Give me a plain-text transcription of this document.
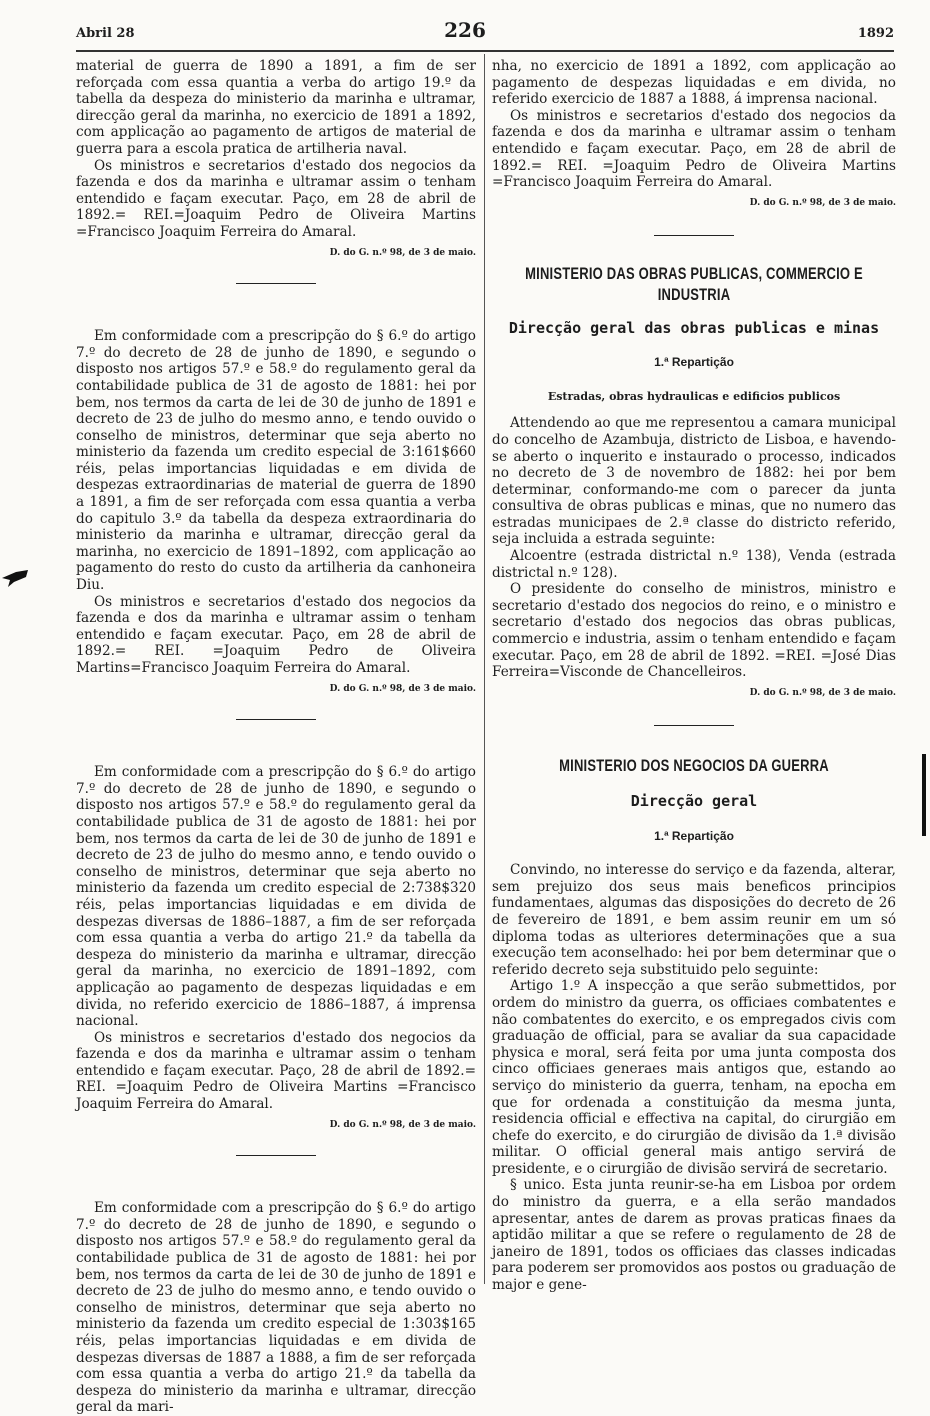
Abril 28	226	1892

material de guerra de 1890 a 1891, a fim de ser reforçada com essa quantia a verba do artigo 19.º da tabella da despeza do ministerio da marinha e ultramar, direcção geral da marinha, no exercicio de 1891 a 1892, com applicação ao pagamento de artigos de material de guerra para a escola pratica de artilheria naval.

Os ministros e secretarios d'estado dos negocios da fazenda e dos da marinha e ultramar assim o tenham entendido e façam executar. Paço, em 28 de abril de 1892.= REI.=Joaquim Pedro de Oliveira Martins =Francisco Joaquim Ferreira do Amaral.

D. do G. n.º 98, de 3 de maio.

Em conformidade com a prescripção do § 6.º do artigo 7.º do decreto de 28 de junho de 1890, e segundo o disposto nos artigos 57.º e 58.º do regulamento geral da contabilidade publica de 31 de agosto de 1881: hei por bem, nos termos da carta de lei de 30 de junho de 1891 e decreto de 23 de julho do mesmo anno, e tendo ouvido o conselho de ministros, determinar que seja aberto no ministerio da fazenda um credito especial de 3:161$660 réis, pelas importancias liquidadas e em divida de despezas extraordinarias de material de guerra de 1890 a 1891, a fim de ser reforçada com essa quantia a verba do capitulo 3.º da tabella da despeza extraordinaria do ministerio da marinha e ultramar, direcção geral da marinha, no exercicio de 1891–1892, com applicação ao pagamento do resto do custo da artilheria da canhoneira Diu.

Os ministros e secretarios d'estado dos negocios da fazenda e dos da marinha e ultramar assim o tenham entendido e façam executar. Paço, em 28 de abril de 1892.= REI. =Joaquim Pedro de Oliveira Martins=Francisco Joaquim Ferreira do Amaral.

D. do G. n.º 98, de 3 de maio.

Em conformidade com a prescripção do § 6.º do artigo 7.º do decreto de 28 de junho de 1890, e segundo o disposto nos artigos 57.º e 58.º do regulamento geral da contabilidade publica de 31 de agosto de 1881: hei por bem, nos termos da carta de lei de 30 de junho de 1891 e decreto de 23 de julho do mesmo anno, e tendo ouvido o conselho de ministros, determinar que seja aberto no ministerio da fazenda um credito especial de 2:738$320 réis, pelas importancias liquidadas e em divida de despezas diversas de 1886–1887, a fim de ser reforçada com essa quantia a verba do artigo 21.º da tabella da despeza do ministerio da marinha e ultramar, direcção geral da marinha, no exercicio de 1891–1892, com applicação ao pagamento de despezas liquidadas e em divida, no referido exercicio de 1886–1887, á imprensa nacional.

Os ministros e secretarios d'estado dos negocios da fazenda e dos da marinha e ultramar assim o tenham entendido e façam executar. Paço, 28 de abril de 1892.= REI. =Joaquim Pedro de Oliveira Martins =Francisco Joaquim Ferreira do Amaral.

D. do G. n.º 98, de 3 de maio.

Em conformidade com a prescripção do § 6.º do artigo 7.º do decreto de 28 de junho de 1890, e segundo o disposto nos artigos 57.º e 58.º do regulamento geral da contabilidade publica de 31 de agosto de 1881: hei por bem, nos termos da carta de lei de 30 de junho de 1891 e decreto de 23 de julho do mesmo anno, e tendo ouvido o conselho de ministros, determinar que seja aberto no ministerio da fazenda um credito especial de 1:303$165 réis, pelas importancias liquidadas e em divida de despezas diversas de 1887 a 1888, a fim de ser reforçada com essa quantia a verba do artigo 21.º da tabella da despeza do ministerio da marinha e ultramar, direcção geral da mari-

nha, no exercicio de 1891 a 1892, com applicação ao pagamento de despezas liquidadas e em divida, no referido exercicio de 1887 a 1888, á imprensa nacional.

Os ministros e secretarios d'estado dos negocios da fazenda e dos da marinha e ultramar assim o tenham entendido e façam executar. Paço, em 28 de abril de 1892.= REI. =Joaquim Pedro de Oliveira Martins =Francisco Joaquim Ferreira do Amaral.

D. do G. n.º 98, de 3 de maio.
MINISTERIO DAS OBRAS PUBLICAS, COMMERCIO E INDUSTRIA
Direcção geral das obras publicas e minas
1.ª Repartição
Estradas, obras hydraulicas e edificios publicos

Attendendo ao que me representou a camara municipal do concelho de Azambuja, districto de Lisboa, e havendo-se aberto o inquerito e instaurado o processo, indicados no decreto de 3 de novembro de 1882: hei por bem determinar, conformando-me com o parecer da junta consultiva de obras publicas e minas, que no numero das estradas municipaes de 2.ª classe do districto referido, seja incluida a estrada seguinte:

Alcoentre (estrada districtal n.º 138), Venda (estrada districtal n.º 128).

O presidente do conselho de ministros, ministro e secretario d'estado dos negocios do reino, e o ministro e secretario d'estado dos negocios das obras publicas, commercio e industria, assim o tenham entendido e façam executar. Paço, em 28 de abril de 1892. =REI. =José Dias Ferreira=Visconde de Chancelleiros.

D. do G. n.º 98, de 3 de maio.
MINISTERIO DOS NEGOCIOS DA GUERRA
Direcção geral
1.ª Repartição

Convindo, no interesse do serviço e da fazenda, alterar, sem prejuizo dos seus mais beneficos principios fundamentaes, algumas das disposições do decreto de 26 de fevereiro de 1891, e bem assim reunir em um só diploma todas as ulteriores determinações que a sua execução tem aconselhado: hei por bem determinar que o referido decreto seja substituido pelo seguinte:

Artigo 1.º A inspecção a que serão submettidos, por ordem do ministro da guerra, os officiaes combatentes e não combatentes do exercito, e os empregados civis com graduação de official, para se avaliar da sua capacidade physica e moral, será feita por uma junta composta dos cinco officiaes generaes mais antigos que, estando ao serviço do ministerio da guerra, tenham, na epocha em que for ordenada a constituição da mesma junta, residencia official e effectiva na capital, do cirurgião em chefe do exercito, e do cirurgião de divisão da 1.ª divisão militar. O official general mais antigo servirá de presidente, e o cirurgião de divisão servirá de secretario.

§ unico. Esta junta reunir-se-ha em Lisboa por ordem do ministro da guerra, e a ella serão mandados apresentar, antes de darem as provas praticas finaes da aptidão militar a que se refere o regulamento de 28 de janeiro de 1891, todos os officiaes das classes indicadas para poderem ser promovidos aos postos ou graduação de major e gene-
